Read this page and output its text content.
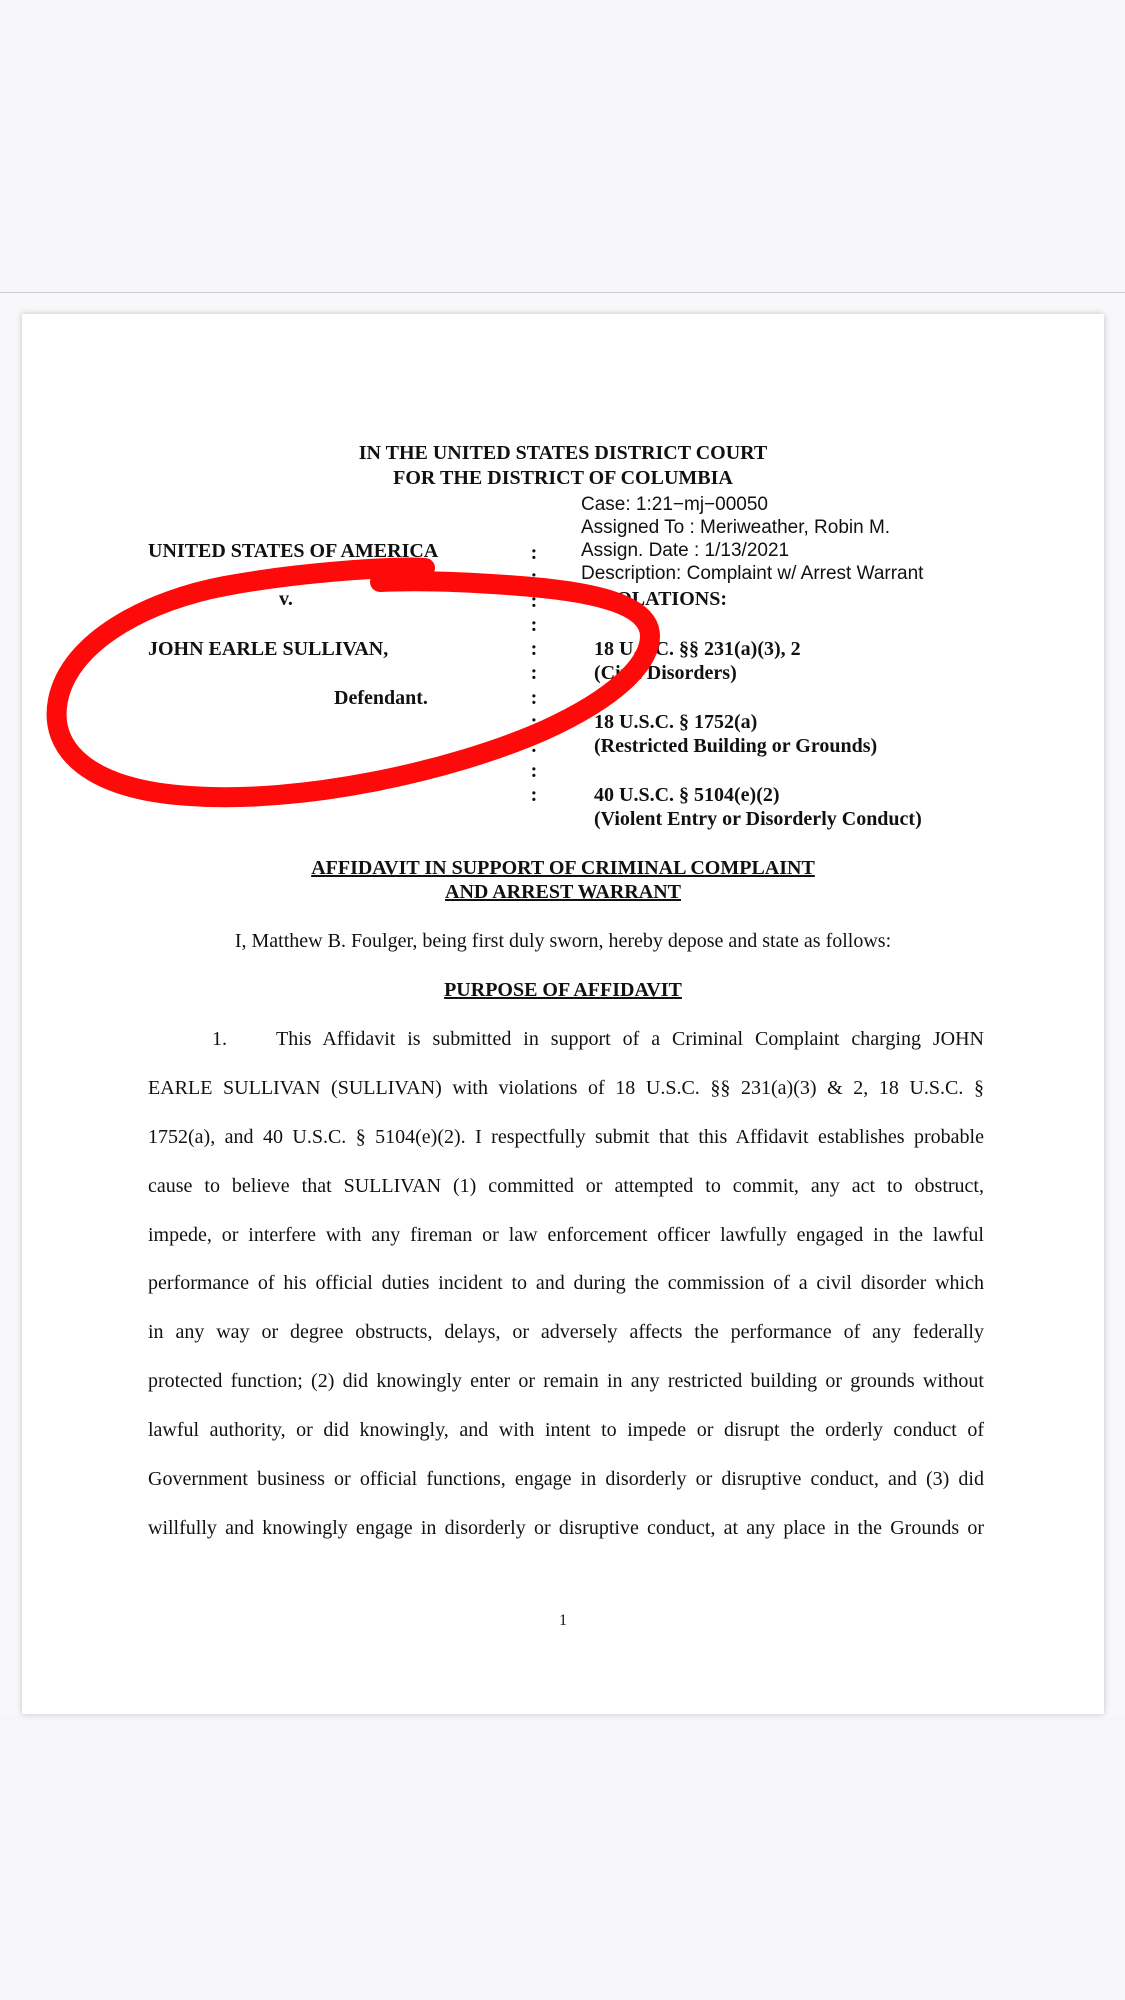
IN THE UNITED STATES DISTRICT COURT
FOR THE DISTRICT OF COLUMBIA
Case: 1:21−mj−00050
Assigned To : Meriweather, Robin M.
Assign. Date : 1/13/2021
Description: Complaint w/ Arrest Warrant
UNITED STATES OF AMERICA
v.
JOHN EARLE SULLIVAN,
Defendant.
:
:
:
:
:
:
:
:
:
:
:
VIOLATIONS:
18 U.S.C. §§ 231(a)(3), 2
(Civil Disorders)
18 U.S.C. § 1752(a)
(Restricted Building or Grounds)
40 U.S.C. § 5104(e)(2)
(Violent Entry or Disorderly Conduct)
AFFIDAVIT IN SUPPORT OF CRIMINAL COMPLAINT
AND ARREST WARRANT
I, Matthew B. Foulger, being first duly sworn, hereby depose and state as follows:
PURPOSE OF AFFIDAVIT
1. This Affidavit is submitted in support of a Criminal Complaint charging JOHN
EARLE SULLIVAN (SULLIVAN) with violations of 18 U.S.C. §§ 231(a)(3) & 2, 18 U.S.C. §
1752(a), and 40 U.S.C. § 5104(e)(2). I respectfully submit that this Affidavit establishes probable
cause to believe that SULLIVAN (1) committed or attempted to commit, any act to obstruct,
impede, or interfere with any fireman or law enforcement officer lawfully engaged in the lawful
performance of his official duties incident to and during the commission of a civil disorder which
in any way or degree obstructs, delays, or adversely affects the performance of any federally
protected function; (2) did knowingly enter or remain in any restricted building or grounds without
lawful authority, or did knowingly, and with intent to impede or disrupt the orderly conduct of
Government business or official functions, engage in disorderly or disruptive conduct, and (3) did
willfully and knowingly engage in disorderly or disruptive conduct, at any place in the Grounds or
1
